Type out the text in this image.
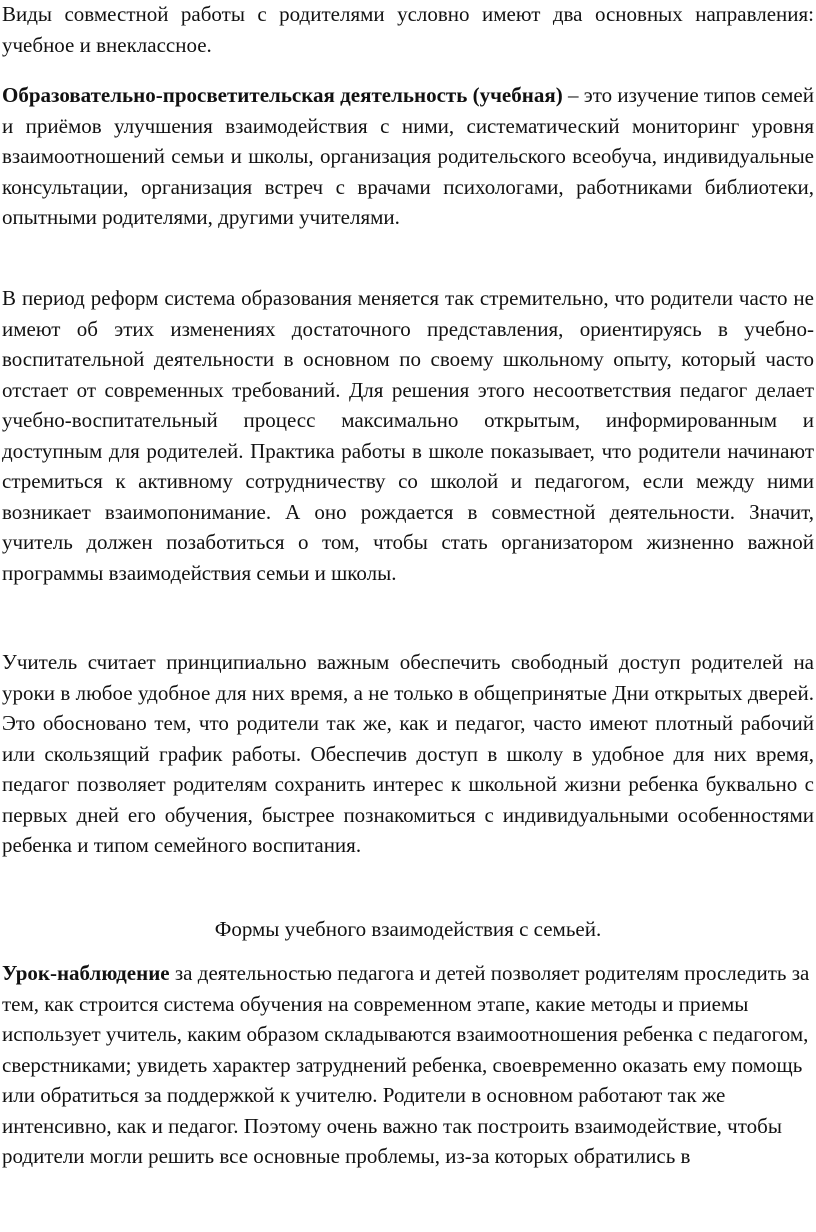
Виды совместной работы с родителями условно имеют два основных направления: учебное и внеклассное.

Образовательно-просветительская деятельность (учебная) – это изучение типов семей и приёмов улучшения взаимодействия с ними, систематический мониторинг уровня взаимоотношений семьи и школы, организация родительского всеобуча, индивидуальные консультации, организация встреч с врачами психологами, работниками библиотеки, опытными родителями, другими учителями.

В период реформ система образования меняется так стремительно, что родители часто не имеют об этих изменениях достаточного представления, ориентируясь в учебно-воспитательной деятельности в основном по своему школьному опыту, который часто отстает от современных требований. Для решения этого несоответствия педагог делает учебно-воспитательный процесс максимально открытым, информированным и доступным для родителей. Практика работы в школе показывает, что родители начинают стремиться к активному сотрудничеству со школой и педагогом, если между ними возникает взаимопонимание. А оно рождается в совместной деятельности. Значит, учитель должен позаботиться о том, чтобы стать организатором жизненно важной программы взаимодействия семьи и школы.

Учитель считает принципиально важным обеспечить свободный доступ родителей на уроки в любое удобное для них время, а не только в общепринятые Дни открытых дверей. Это обосновано тем, что родители так же, как и педагог, часто имеют плотный рабочий или скользящий график работы. Обеспечив доступ в школу в удобное для них время, педагог позволяет родителям сохранить интерес к школьной жизни ребенка буквально с первых дней его обучения, быстрее познакомиться с индивидуальными особенностями ребенка и типом семейного воспитания.

Формы учебного взаимодействия с семьей.

Урок-наблюдение за деятельностью педагога и детей позволяет родителям проследить за тем, как строится система обучения на современном этапе, какие методы и приемы использует учитель, каким образом складываются взаимоотношения ребенка с педагогом, сверстниками; увидеть характер затруднений ребенка, своевременно оказать ему помощь или обратиться за поддержкой к учителю. Родители в основном работают так же интенсивно, как и педагог. Поэтому очень важно так построить взаимодействие, чтобы родители могли решить все основные проблемы, из-за которых обратились в
